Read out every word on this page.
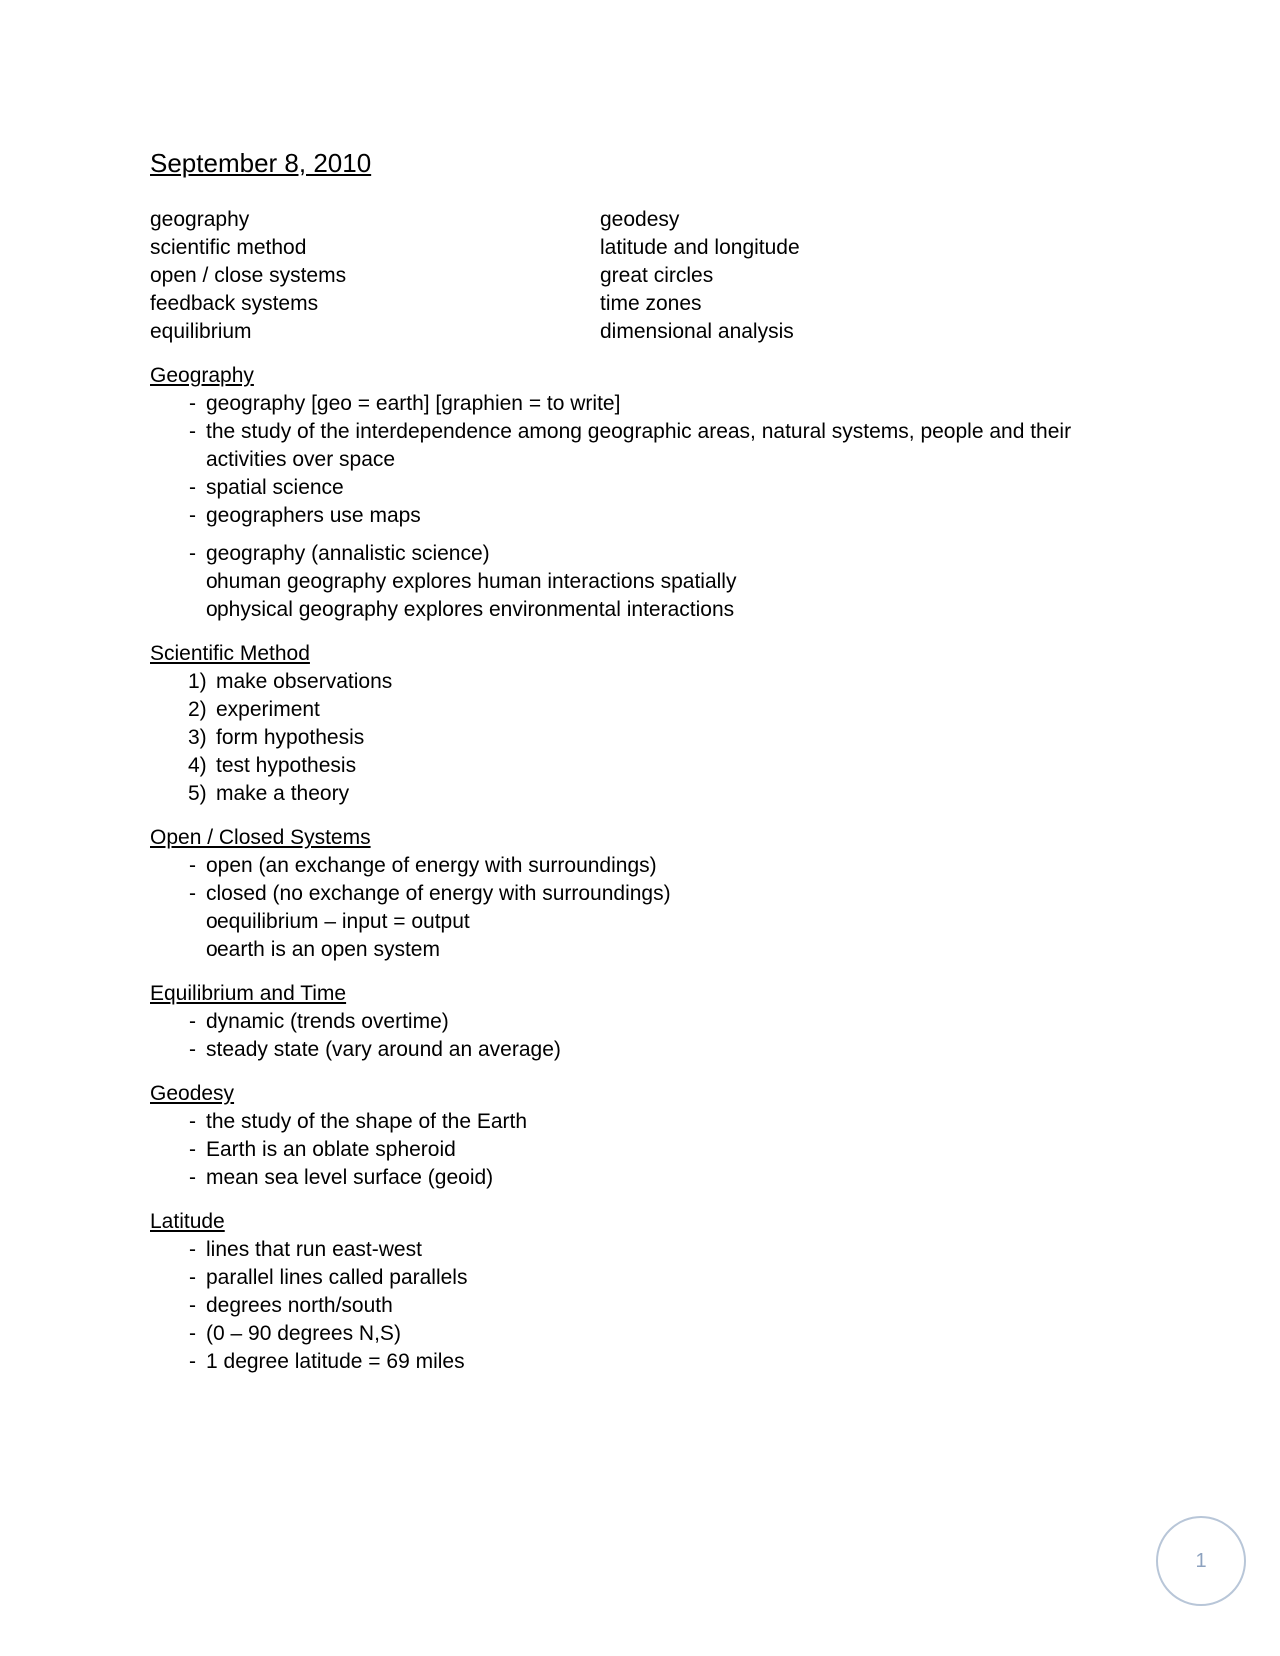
September 8, 2010
geography
scientific method
open / close systems
feedback systems
equilibrium
geodesy
latitude and longitude
great circles
time zones
dimensional analysis
Geography
- geography [geo = earth] [graphien = to write]
- the study of the interdependence among geographic areas, natural systems, people and their activities over space
- spatial science
- geographers use maps
- geography (annalistic science)
o human geography explores human interactions spatially
o physical geography explores environmental interactions
Scientific Method
1) make observations
2) experiment
3) form hypothesis
4) test hypothesis
5) make a theory
Open / Closed Systems
- open (an exchange of energy with surroundings)
- closed (no exchange of energy with surroundings)
o equilibrium – input = output
o earth is an open system
Equilibrium and Time
- dynamic (trends overtime)
- steady state (vary around an average)
Geodesy
- the study of the shape of the Earth
- Earth is an oblate spheroid
- mean sea level surface (geoid)
Latitude
- lines that run east-west
- parallel lines called parallels
- degrees north/south
- (0 – 90 degrees N,S)
- 1 degree latitude = 69 miles
1
